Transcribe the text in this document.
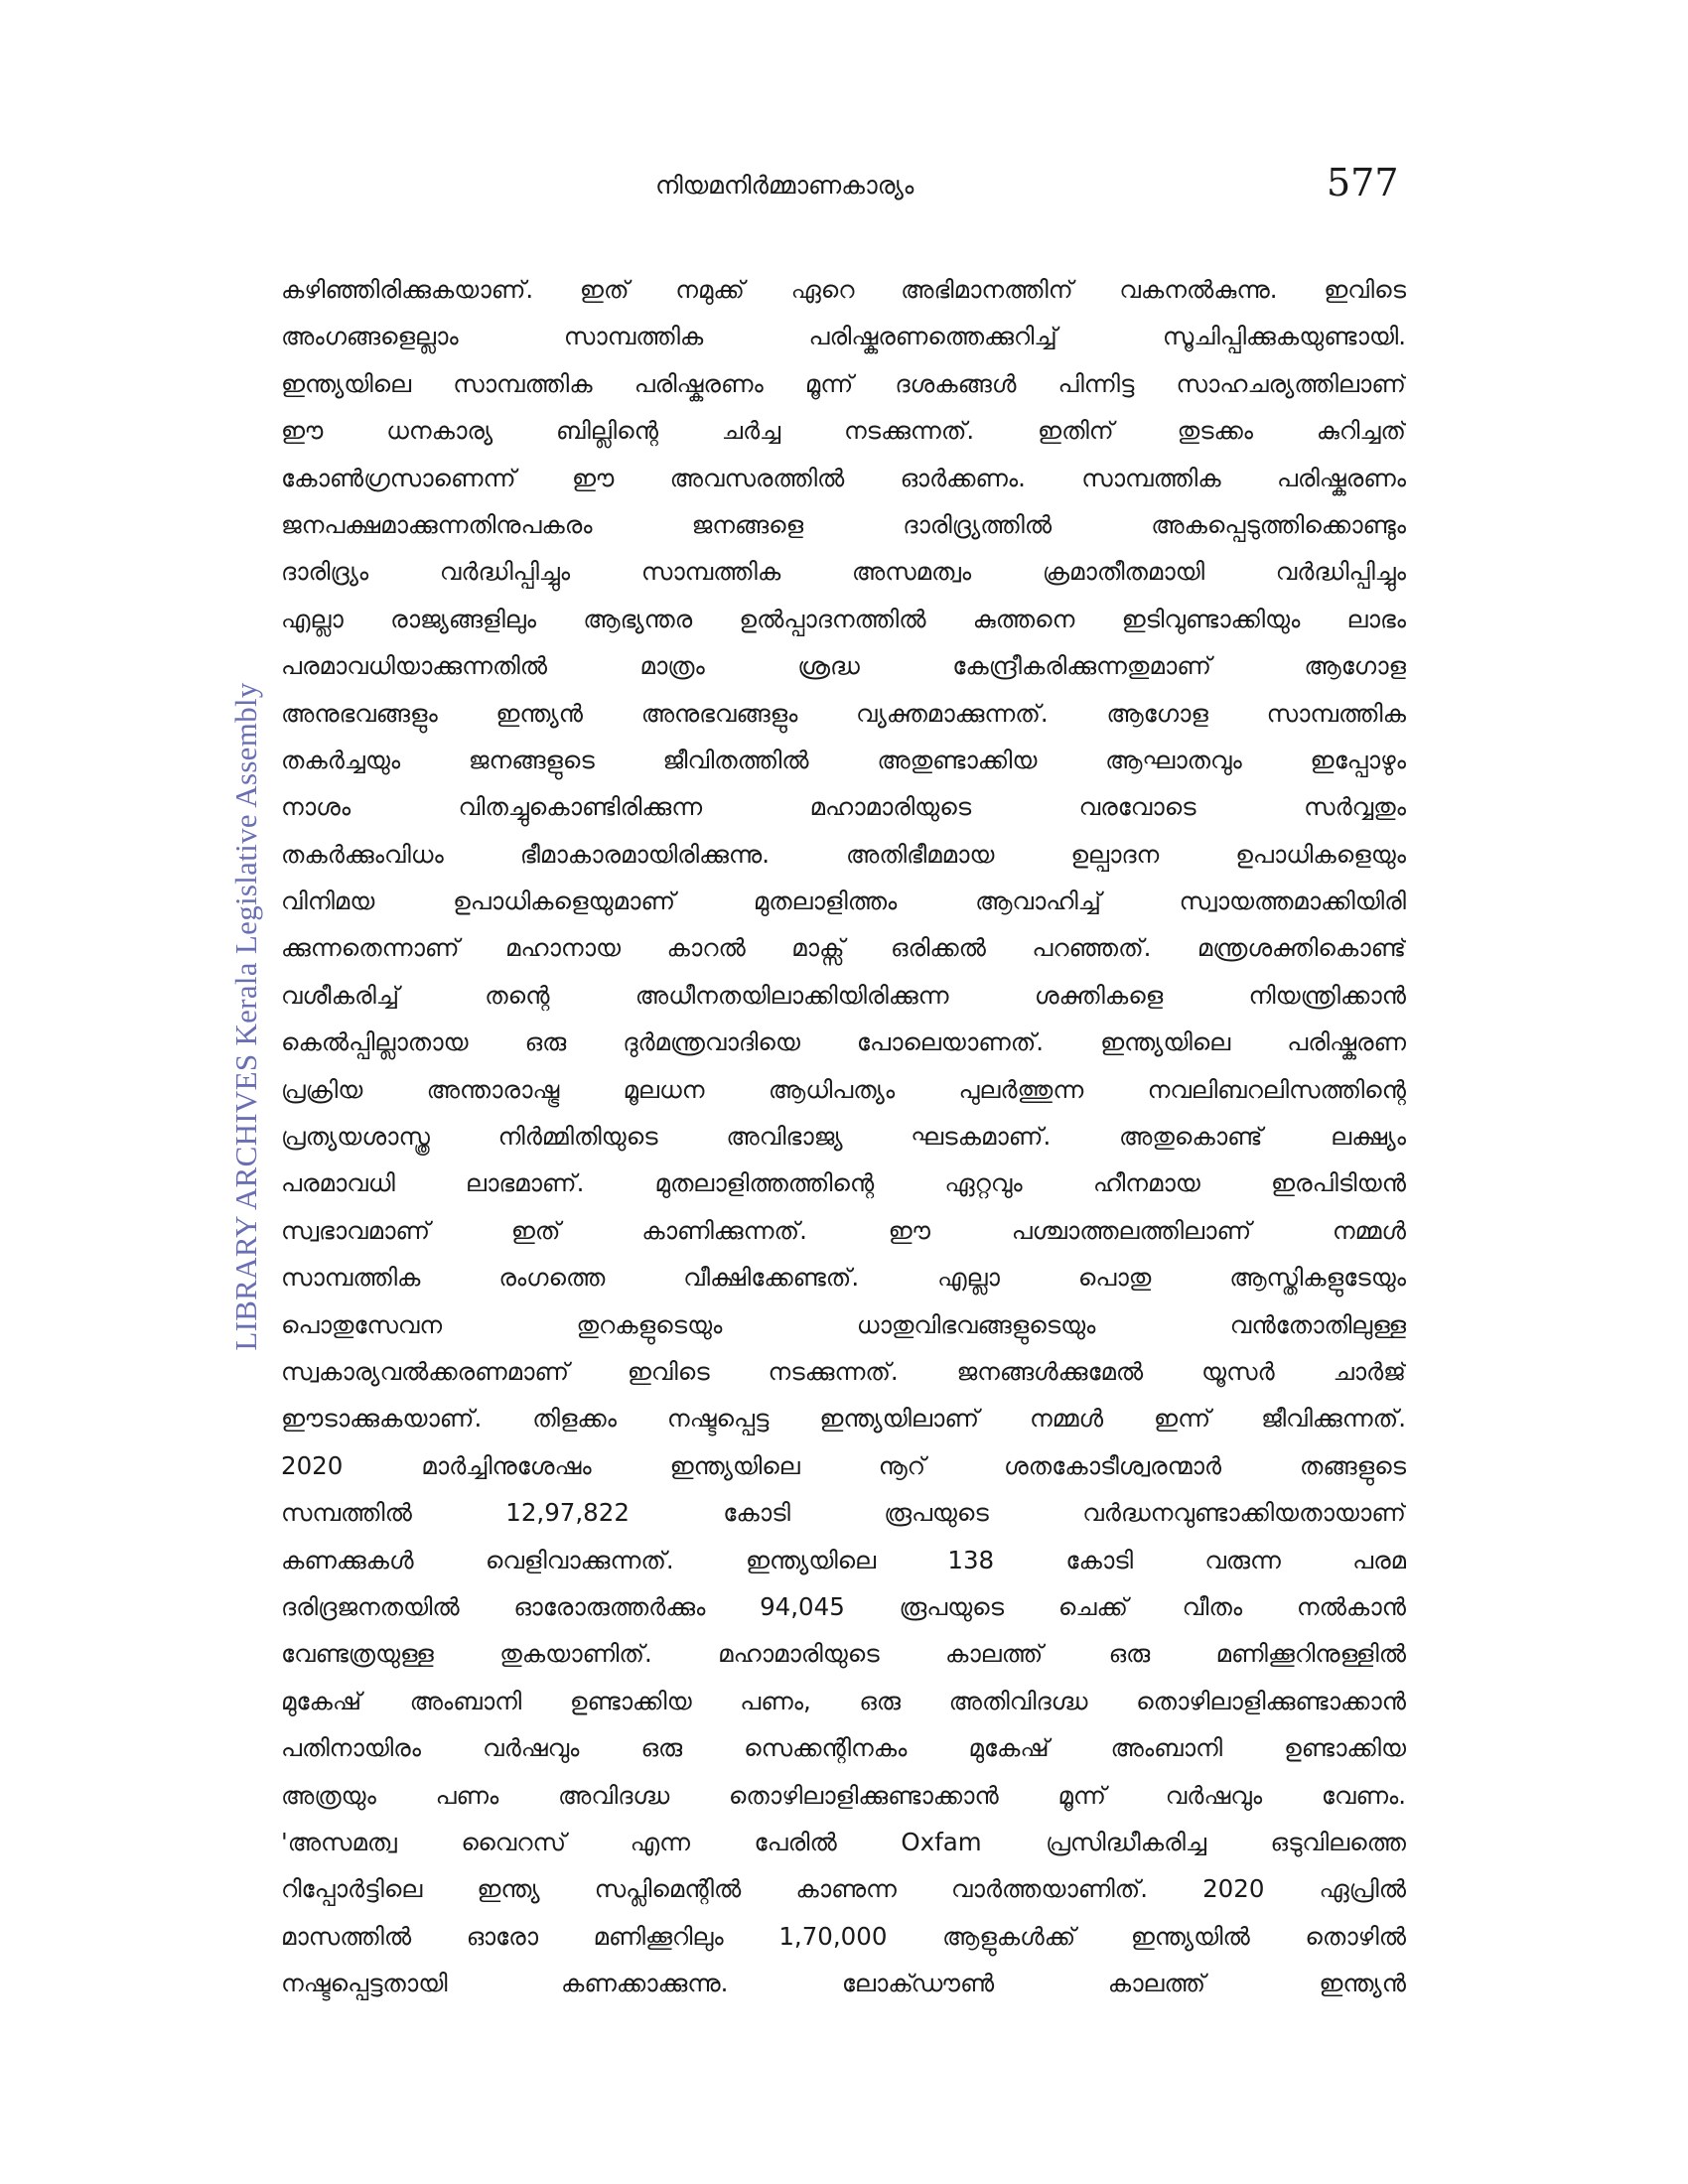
നിയമനിർമ്മാണകാര്യം	577
LIBRARY ARCHIVES Kerala Legislative Assembly
കഴിഞ്ഞിരിക്കുകയാണ്. ഇത് നമുക്ക് ഏറെ അഭിമാനത്തിന് വകനൽകുന്നു. ഇവിടെ
അംഗങ്ങളെല്ലാം സാമ്പത്തിക പരിഷ്കരണത്തെക്കുറിച്ച് സൂചിപ്പിക്കുകയുണ്ടായി.
ഇന്ത്യയിലെ സാമ്പത്തിക പരിഷ്കരണം മൂന്ന് ദശകങ്ങൾ പിന്നിട്ട സാഹചര്യത്തിലാണ്
ഈ ധനകാര്യ ബില്ലിന്റെ ചർച്ച നടക്കുന്നത്. ഇതിന് തുടക്കം കുറിച്ചത്
കോൺഗ്രസാണെന്ന് ഈ അവസരത്തിൽ ഓർക്കണം. സാമ്പത്തിക പരിഷ്കരണം
ജനപക്ഷമാക്കുന്നതിനുപകരം ജനങ്ങളെ ദാരിദ്ര്യത്തിൽ അകപ്പെടുത്തിക്കൊണ്ടും
ദാരിദ്ര്യം വർദ്ധിപ്പിച്ചും സാമ്പത്തിക അസമത്വം ക്രമാതീതമായി വർദ്ധിപ്പിച്ചും
എല്ലാ രാജ്യങ്ങളിലും ആഭ്യന്തര ഉൽപ്പാദനത്തിൽ കുത്തനെ ഇടിവുണ്ടാക്കിയും ലാഭം
പരമാവധിയാക്കുന്നതിൽ മാത്രം ശ്രദ്ധ കേന്ദ്രീകരിക്കുന്നതുമാണ് ആഗോള
അനുഭവങ്ങളും ഇന്ത്യൻ അനുഭവങ്ങളും വ്യക്തമാക്കുന്നത്. ആഗോള സാമ്പത്തിക
തകർച്ചയും ജനങ്ങളുടെ ജീവിതത്തിൽ അതുണ്ടാക്കിയ ആഘാതവും ഇപ്പോഴും
നാശം വിതച്ചുകൊണ്ടിരിക്കുന്ന മഹാമാരിയുടെ വരവോടെ സർവ്വതും
തകർക്കുംവിധം ഭീമാകാരമായിരിക്കുന്നു. അതിഭീമമായ ഉല്പാദന ഉപാധികളെയും
വിനിമയ ഉപാധികളെയുമാണ് മുതലാളിത്തം ആവാഹിച്ച് സ്വായത്തമാക്കിയിരി
ക്കുന്നതെന്നാണ് മഹാനായ കാറൽ മാക്സ് ഒരിക്കൽ പറഞ്ഞത്. മന്ത്രശക്തികൊണ്ട്
വശീകരിച്ച് തന്റെ അധീനതയിലാക്കിയിരിക്കുന്ന ശക്തികളെ നിയന്ത്രിക്കാൻ
കെൽപ്പില്ലാതായ ഒരു ദുർമന്ത്രവാദിയെ പോലെയാണത്. ഇന്ത്യയിലെ പരിഷ്കരണ
പ്രക്രിയ അന്താരാഷ്ട്ര മൂലധന ആധിപത്യം പുലർത്തുന്ന നവലിബറലിസത്തിന്റെ
പ്രത്യയശാസ്ത്ര നിർമ്മിതിയുടെ അവിഭാജ്യ ഘടകമാണ്. അതുകൊണ്ട് ലക്ഷ്യം
പരമാവധി ലാഭമാണ്. മുതലാളിത്തത്തിന്റെ ഏറ്റവും ഹീനമായ ഇരപിടിയൻ
സ്വഭാവമാണ് ഇത് കാണിക്കുന്നത്. ഈ പശ്ചാത്തലത്തിലാണ് നമ്മൾ
സാമ്പത്തിക രംഗത്തെ വീക്ഷിക്കേണ്ടത്. എല്ലാ പൊതു ആസ്തികളുടേയും
പൊതുസേവന തുറകളുടെയും ധാതുവിഭവങ്ങളുടെയും വൻതോതിലുള്ള
സ്വകാര്യവൽക്കരണമാണ് ഇവിടെ നടക്കുന്നത്. ജനങ്ങൾക്കുമേൽ യൂസർ ചാർജ്
ഈടാക്കുകയാണ്. തിളക്കം നഷ്ടപ്പെട്ട ഇന്ത്യയിലാണ് നമ്മൾ ഇന്ന് ജീവിക്കുന്നത്.
2020 മാർച്ചിനുശേഷം ഇന്ത്യയിലെ നൂറ് ശതകോടീശ്വരന്മാർ തങ്ങളുടെ
സമ്പത്തിൽ 12,97,822 കോടി രൂപയുടെ വർദ്ധനവുണ്ടാക്കിയതായാണ്
കണക്കുകൾ വെളിവാക്കുന്നത്. ഇന്ത്യയിലെ 138 കോടി വരുന്ന പരമ
ദരിദ്രജനതയിൽ ഓരോരുത്തർക്കും 94,045 രൂപയുടെ ചെക്ക് വീതം നൽകാൻ
വേണ്ടത്രയുള്ള തുകയാണിത്. മഹാമാരിയുടെ കാലത്ത് ഒരു മണിക്കൂറിനുള്ളിൽ
മുകേഷ് അംബാനി ഉണ്ടാക്കിയ പണം, ഒരു അതിവിദഗ്ദ്ധ തൊഴിലാളിക്കുണ്ടാക്കാൻ
പതിനായിരം വർഷവും ഒരു സെക്കന്റിനകം മുകേഷ് അംബാനി ഉണ്ടാക്കിയ
അത്രയും പണം അവിദഗ്ദ്ധ തൊഴിലാളിക്കുണ്ടാക്കാൻ മൂന്ന് വർഷവും വേണം.
'അസമത്വ വൈറസ് എന്ന പേരിൽ Oxfam പ്രസിദ്ധീകരിച്ച ഒടുവിലത്തെ
റിപ്പോർട്ടിലെ ഇന്ത്യ സപ്ലിമെന്റിൽ കാണുന്ന വാർത്തയാണിത്. 2020 ഏപ്രിൽ
മാസത്തിൽ ഓരോ മണിക്കൂറിലും 1,70,000 ആളുകൾക്ക് ഇന്ത്യയിൽ തൊഴിൽ
നഷ്ടപ്പെട്ടതായി കണക്കാക്കുന്നു. ലോക്ഡൗൺ കാലത്ത് ഇന്ത്യൻ
